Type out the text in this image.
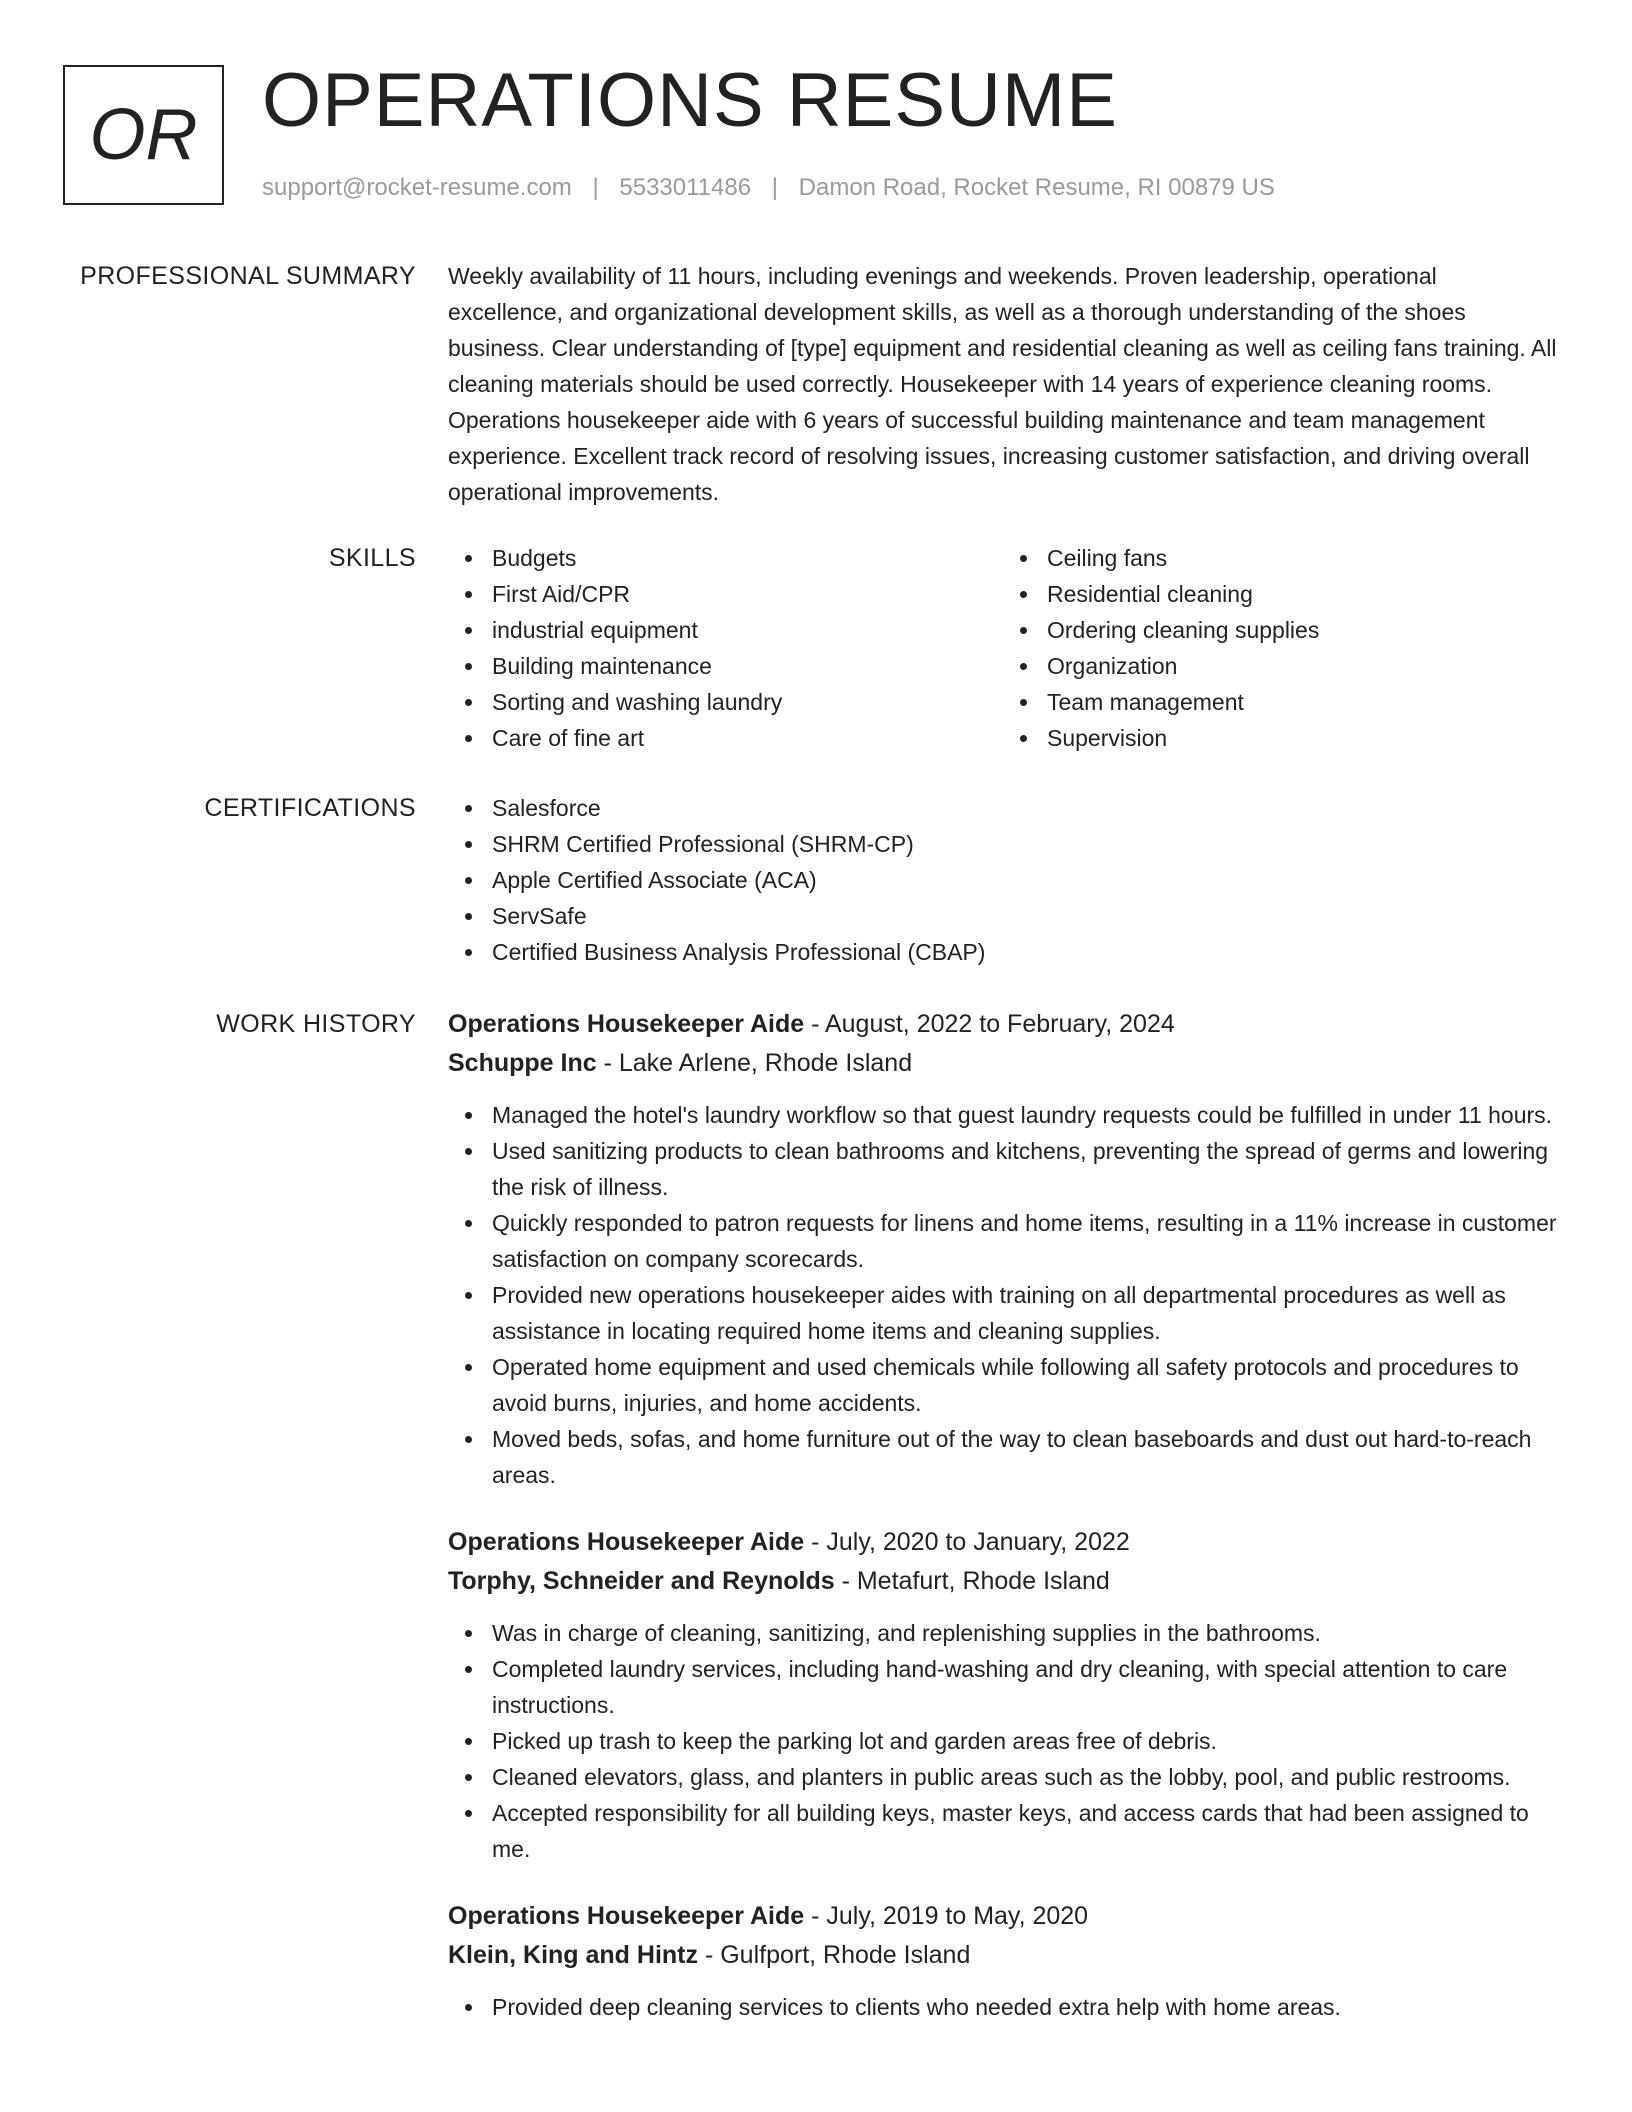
OR OPERATIONS RESUME
support@rocket-resume.com | 5533011486 | Damon Road, Rocket Resume, RI 00879 US
PROFESSIONAL SUMMARY Weekly availability of 11 hours, including evenings and weekends. Proven leadership, operational excellence, and organizational development skills, as well as a thorough understanding of the shoes business. Clear understanding of [type] equipment and residential cleaning as well as ceiling fans training. All cleaning materials should be used correctly. Housekeeper with 14 years of experience cleaning rooms. Operations housekeeper aide with 6 years of successful building maintenance and team management experience. Excellent track record of resolving issues, increasing customer satisfaction, and driving overall operational improvements.

SKILLS	Budgets
First Aid/CPR
industrial equipment
Building maintenance
Sorting and washing laundry
Care of fine art
Ceiling fans
Residential cleaning
Ordering cleaning supplies
Organization
Team management
Supervision
CERTIFICATIONS	Salesforce
SHRM Certified Professional (SHRM-CP)
Apple Certified Associate (ACA)
ServSafe
Certified Business Analysis Professional (CBAP)
WORK HISTORY Operations Housekeeper Aide - August, 2022 to February, 2024
Schuppe Inc - Lake Arlene, Rhode Island
Managed the hotel's laundry workflow so that guest laundry requests could be fulfilled in under 11 hours.
Used sanitizing products to clean bathrooms and kitchens, preventing the spread of germs and lowering the risk of illness.
Quickly responded to patron requests for linens and home items, resulting in a 11% increase in customer satisfaction on company scorecards.
Provided new operations housekeeper aides with training on all departmental procedures as well as assistance in locating required home items and cleaning supplies.
Operated home equipment and used chemicals while following all safety protocols and procedures to avoid burns, injuries, and home accidents.
Moved beds, sofas, and home furniture out of the way to clean baseboards and dust out hard-to-reach areas.
Operations Housekeeper Aide - July, 2020 to January, 2022
Torphy, Schneider and Reynolds - Metafurt, Rhode Island
Was in charge of cleaning, sanitizing, and replenishing supplies in the bathrooms.
Completed laundry services, including hand-washing and dry cleaning, with special attention to care instructions.
Picked up trash to keep the parking lot and garden areas free of debris.
Cleaned elevators, glass, and planters in public areas such as the lobby, pool, and public restrooms.
Accepted responsibility for all building keys, master keys, and access cards that had been assigned to me.
Operations Housekeeper Aide - July, 2019 to May, 2020
Klein, King and Hintz - Gulfport, Rhode Island
Provided deep cleaning services to clients who needed extra help with home areas.
